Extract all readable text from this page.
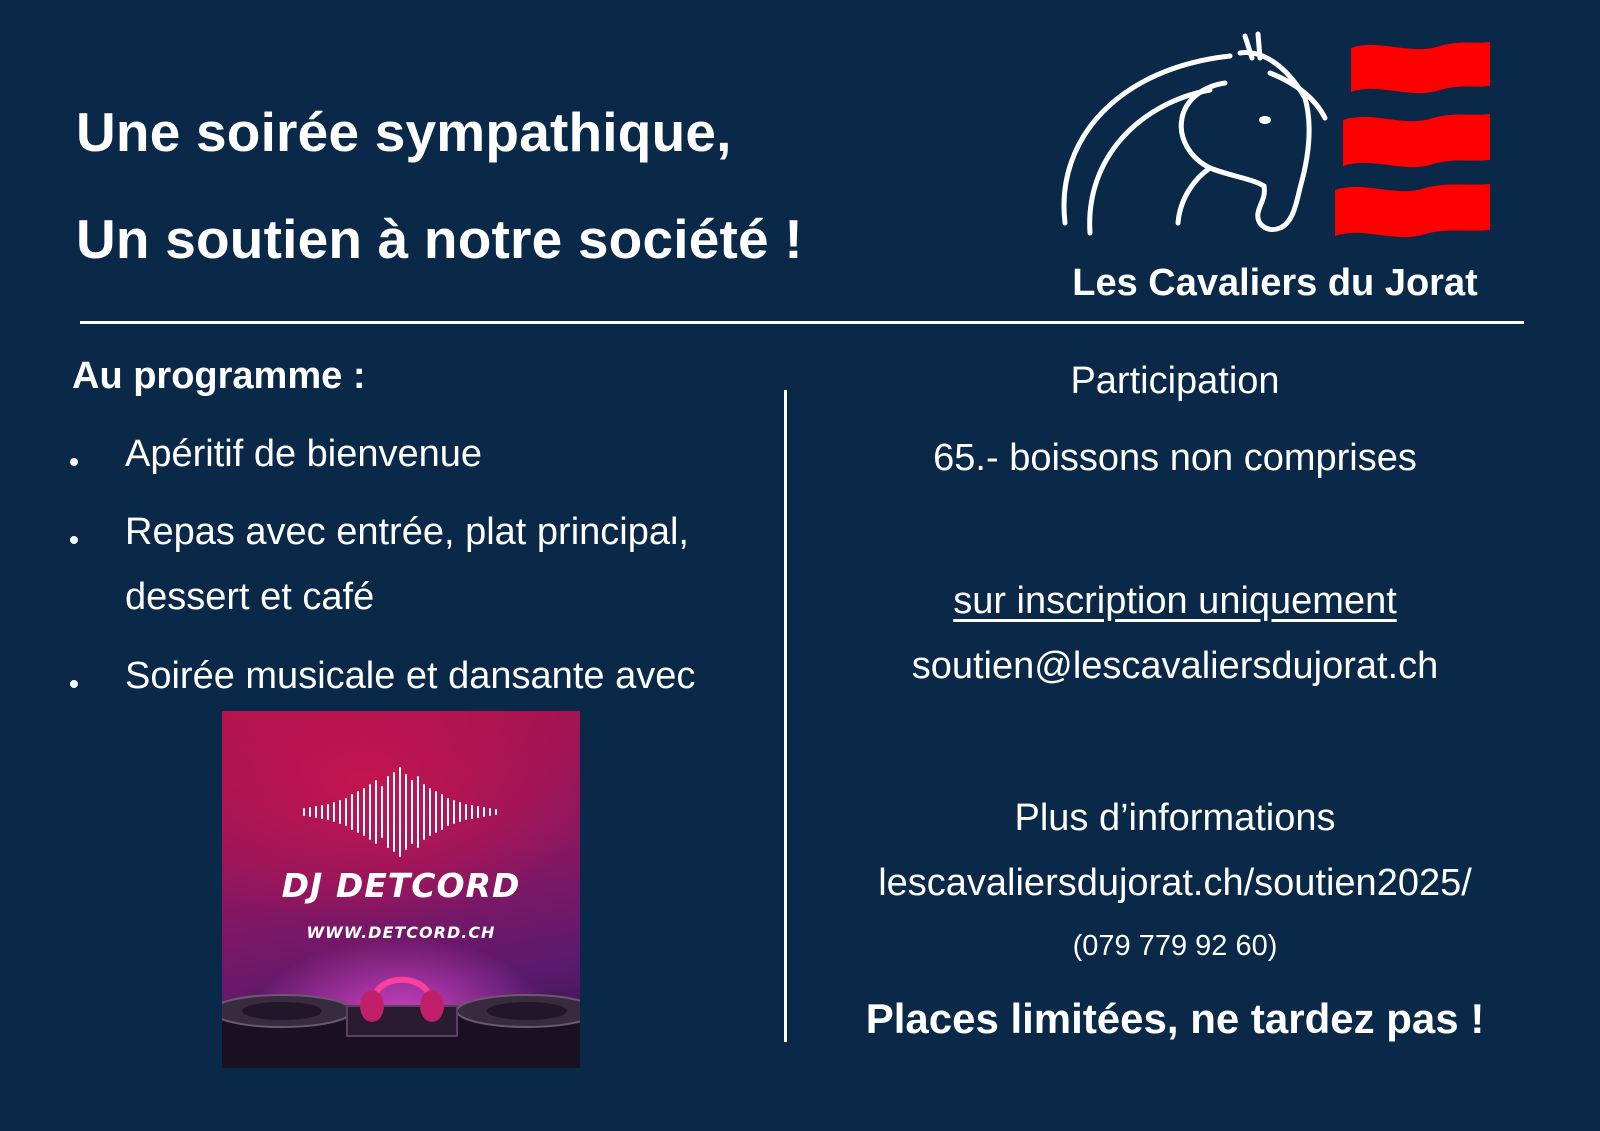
Une soirée sympathique,
Un soutien à notre société !
Les Cavaliers du Jorat
Au programme :
Apéritif de bienvenue
Repas avec entrée, plat principal,
dessert et café
Soirée musicale et dansante avec
DJ DETCORD
WWW.DETCORD.CH
Participation
65.- boissons non comprises
sur inscription uniquement
soutien@lescavaliersdujorat.ch
Plus d’informations
lescavaliersdujorat.ch/soutien2025/
(079 779 92 60)
Places limitées, ne tardez pas !
